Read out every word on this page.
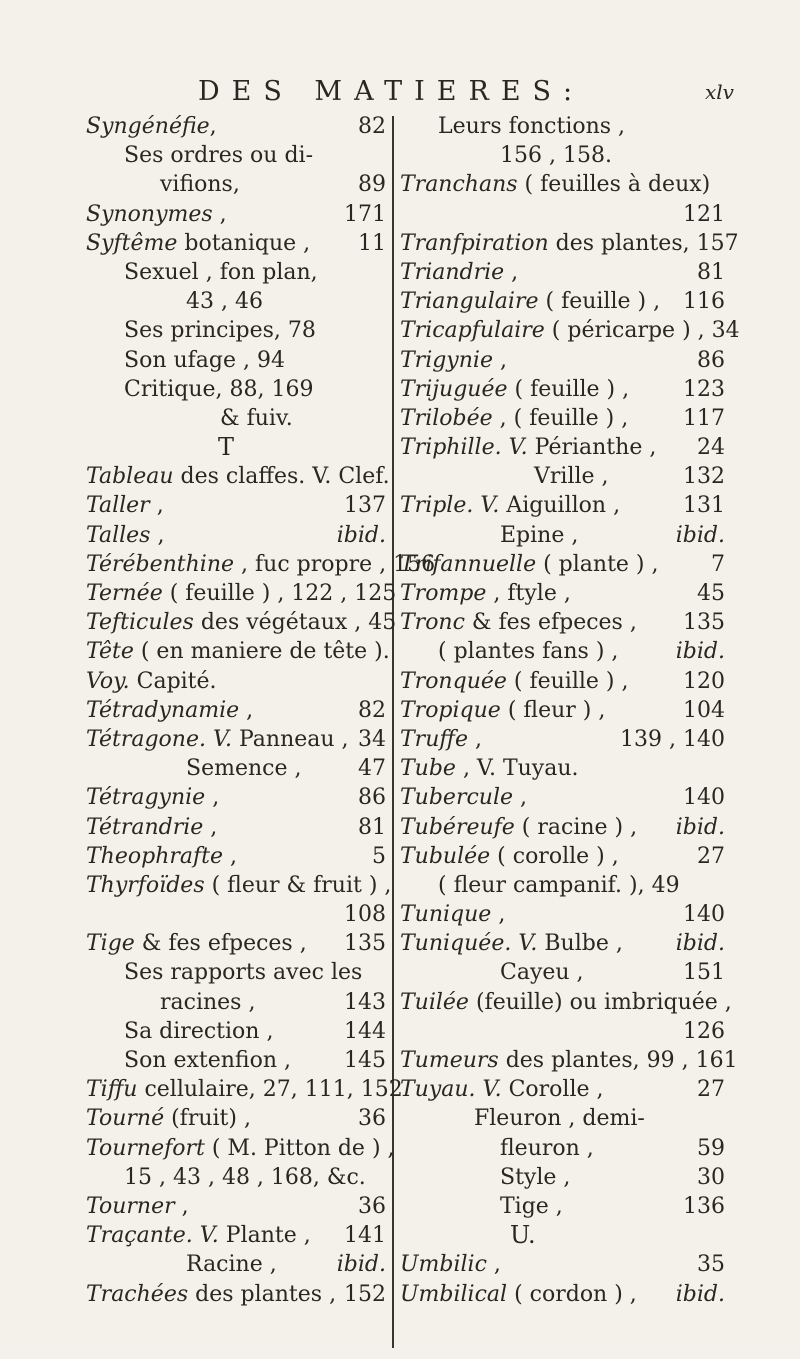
DES MATIERES:	xlv
Syngénéfie,	82
Ses ordres ou di-
vifions,	89
Synonymes ,	171
Syftême botanique , 11
Sexuel , fon plan,
43 , 46
Ses principes, 78
Son ufage , 94
Critique, 88, 169
& fuiv.
T
Tableau des claffes. V. Clef.
Taller ,	137
Talles ,	ibid.
Térébenthine , fuc propre , 156
Ternée ( feuille ) , 122 , 125
Tefticules des végétaux , 45
Tête ( en maniere de tête ).
Voy. Capité.
Tétradynamie ,	82
Tétragone. V. Panneau , 34
Semence ,	47
Tétragynie ,	86
Tétrandrie ,	81
Theophrafte ,	5
Thyrfoïdes ( fleur & fruit ) ,
108
Tige & fes efpeces , 135
Ses rapports avec les
racines ,	143
Sa direction ,	144
Son extenfion , 145
Tiffu cellulaire, 27, 111, 152
Tourné (fruit) ,	36
Tournefort ( M. Pitton de ) ,
15 , 43 , 48 , 168, &c.
Tourner ,	36
Traçante. V. Plante , 141
Racine ,	ibid.
Trachées des plantes , 152
Leurs fonctions ,
156 , 158.
Tranchans ( feuilles à deux)
121
Tranfpiration des plantes, 157
Triandrie ,	81
Triangulaire ( feuille ) , 116
Tricapfulaire ( péricarpe ) , 34
Trigynie ,	86
Trijuguée ( feuille ) , 123
Trilobée , ( feuille ) , 117
Triphille. V. Périanthe , 24
Vrille ,	132
Triple. V. Aiguillon ,	131
Epine ,	ibid.
Trifannuelle ( plante ) , 7
Trompe , ftyle ,	45
Tronc & fes efpeces , 135
( plantes fans ) ,	ibid.
Tronquée ( feuille ) , 120
Tropique ( fleur ) ,	104
Truffe ,	139 , 140
Tube , V. Tuyau.
Tubercule ,	140
Tubéreufe ( racine ) , ibid.
Tubulée ( corolle ) ,	27
( fleur campanif. ), 49
Tunique ,	140
Tuniquée. V. Bulbe , ibid.
Cayeu ,	151
Tuilée (feuille) ou imbriquée ,
126
Tumeurs des plantes, 99 , 161
Tuyau. V. Corolle ,	27
Fleuron , demi-
fleuron ,	59
Style ,	30
Tige ,	136
U.
Umbilic ,	35
Umbilical ( cordon ) , ibid.
